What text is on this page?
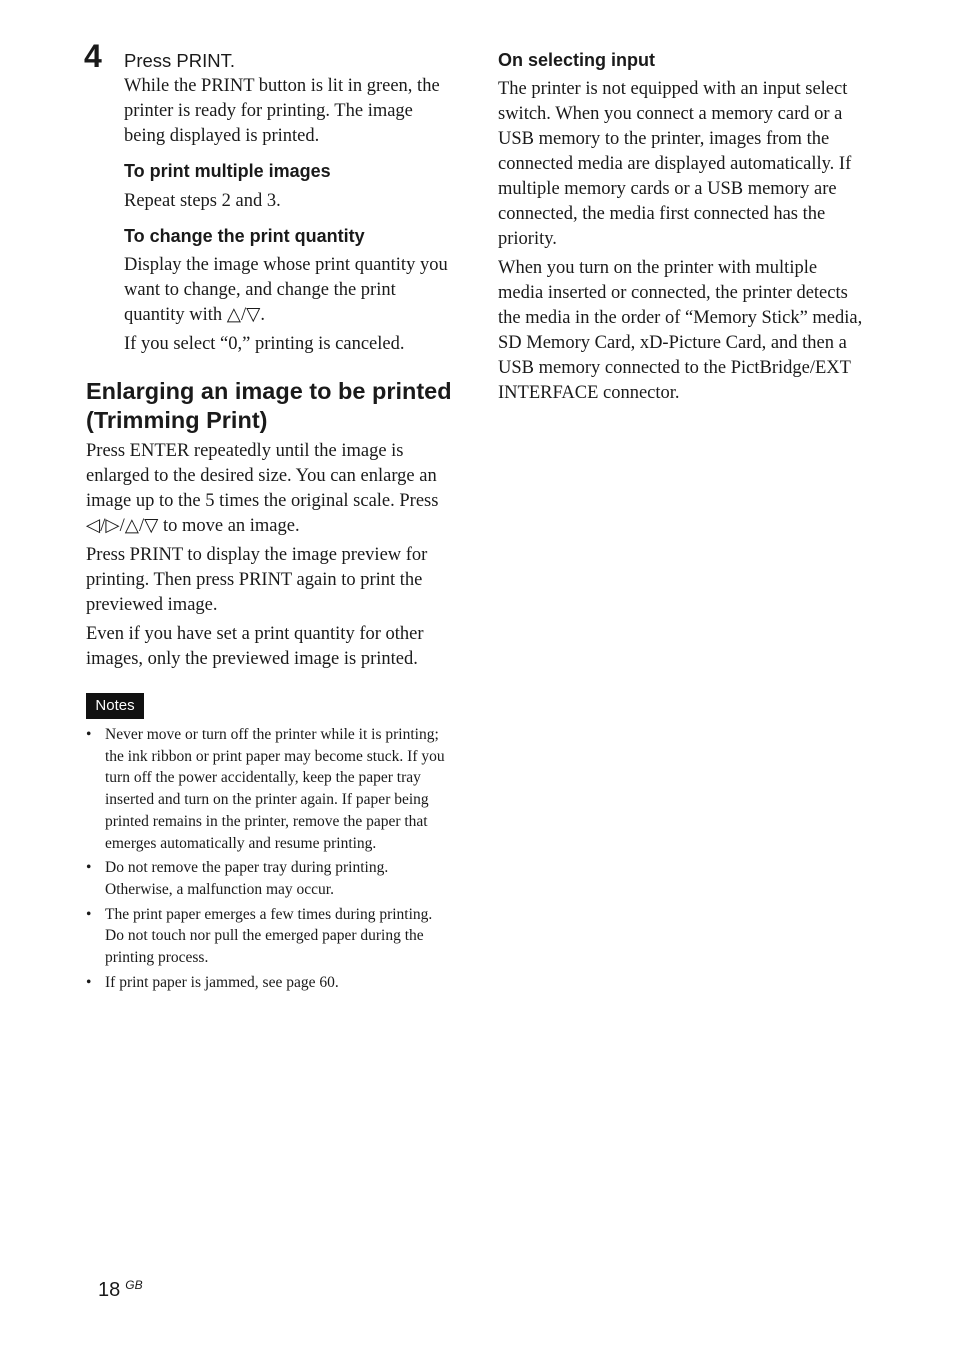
4 Press PRINT.

While the PRINT button is lit in green, the printer is ready for printing. The image being displayed is printed.

To print multiple images

Repeat steps 2 and 3.

To change the print quantity

Display the image whose print quantity you want to change, and change the print quantity with △/▽.

If you select “0,” printing is canceled.

Enlarging an image to be printed (Trimming Print)

Press ENTER repeatedly until the image is enlarged to the desired size. You can enlarge an image up to the 5 times the original scale. Press ◁/▷/△/▽ to move an image.

Press PRINT to display the image preview for printing. Then press PRINT again to print the previewed image.

Even if you have set a print quantity for other images, only the previewed image is printed.

Notes
• Never move or turn off the printer while it is printing; the ink ribbon or print paper may become stuck. If you turn off the power accidentally, keep the paper tray inserted and turn on the printer again. If paper being printed remains in the printer, remove the paper that emerges automatically and resume printing.
• Do not remove the paper tray during printing. Otherwise, a malfunction may occur.
• The print paper emerges a few times during printing. Do not touch nor pull the emerged paper during the printing process.
• If print paper is jammed, see page 60.
On selecting input

The printer is not equipped with an input select switch. When you connect a memory card or a USB memory to the printer, images from the connected media are displayed automatically. If multiple memory cards or a USB memory are connected, the media first connected has the priority.

When you turn on the printer with multiple media inserted or connected, the printer detects the media in the order of “Memory Stick” media, SD Memory Card, xD-Picture Card, and then a USB memory connected to the PictBridge/EXT INTERFACE connector.

18 $^{GB}$
